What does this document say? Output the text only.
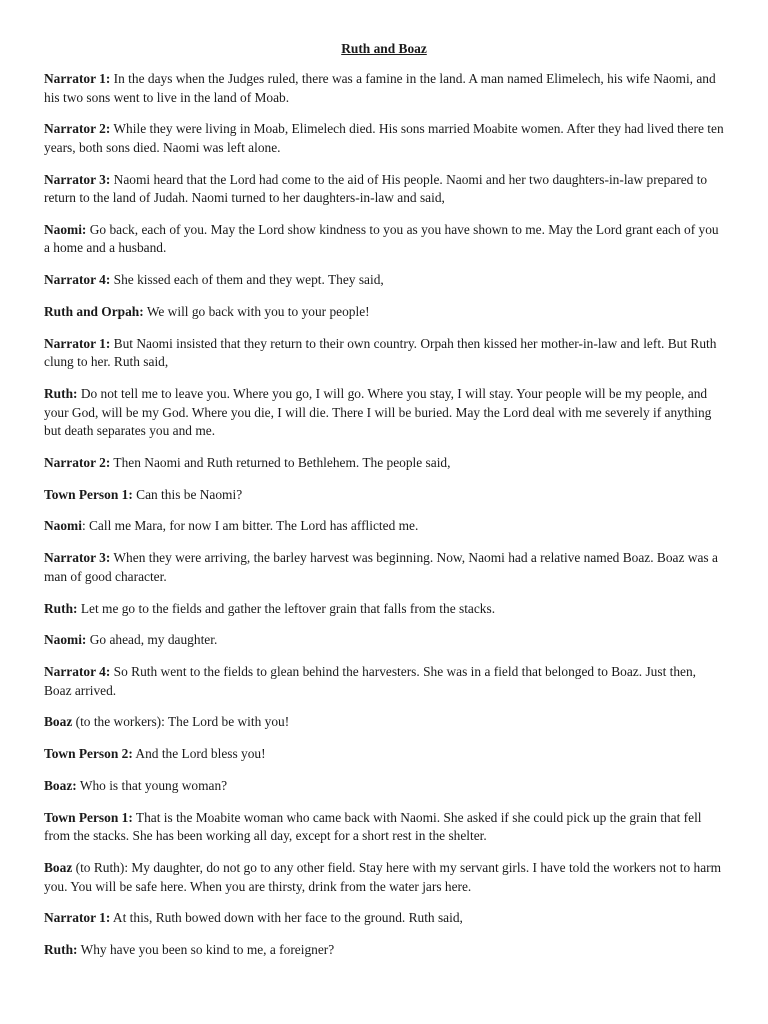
Ruth and Boaz

Narrator 1: In the days when the Judges ruled, there was a famine in the land. A man named Elimelech, his wife Naomi, and his two sons went to live in the land of Moab.

Narrator 2: While they were living in Moab, Elimelech died. His sons married Moabite women. After they had lived there ten years, both sons died. Naomi was left alone.

Narrator 3: Naomi heard that the Lord had come to the aid of His people. Naomi and her two daughters-in-law prepared to return to the land of Judah. Naomi turned to her daughters-in-law and said,

Naomi: Go back, each of you. May the Lord show kindness to you as you have shown to me. May the Lord grant each of you a home and a husband.

Narrator 4: She kissed each of them and they wept. They said,

Ruth and Orpah: We will go back with you to your people!

Narrator 1: But Naomi insisted that they return to their own country. Orpah then kissed her mother-in-law and left. But Ruth clung to her. Ruth said,

Ruth: Do not tell me to leave you. Where you go, I will go. Where you stay, I will stay. Your people will be my people, and your God, will be my God. Where you die, I will die. There I will be buried. May the Lord deal with me severely if anything but death separates you and me.

Narrator 2: Then Naomi and Ruth returned to Bethlehem. The people said,

Town Person 1: Can this be Naomi?

Naomi: Call me Mara, for now I am bitter. The Lord has afflicted me.

Narrator 3: When they were arriving, the barley harvest was beginning. Now, Naomi had a relative named Boaz. Boaz was a man of good character.

Ruth: Let me go to the fields and gather the leftover grain that falls from the stacks.

Naomi: Go ahead, my daughter.

Narrator 4: So Ruth went to the fields to glean behind the harvesters. She was in a field that belonged to Boaz. Just then, Boaz arrived.

Boaz (to the workers): The Lord be with you!

Town Person 2: And the Lord bless you!

Boaz: Who is that young woman?

Town Person 1: That is the Moabite woman who came back with Naomi. She asked if she could pick up the grain that fell from the stacks. She has been working all day, except for a short rest in the shelter.

Boaz (to Ruth): My daughter, do not go to any other field. Stay here with my servant girls. I have told the workers not to harm you. You will be safe here. When you are thirsty, drink from the water jars here.

Narrator 1: At this, Ruth bowed down with her face to the ground. Ruth said,

Ruth: Why have you been so kind to me, a foreigner?
